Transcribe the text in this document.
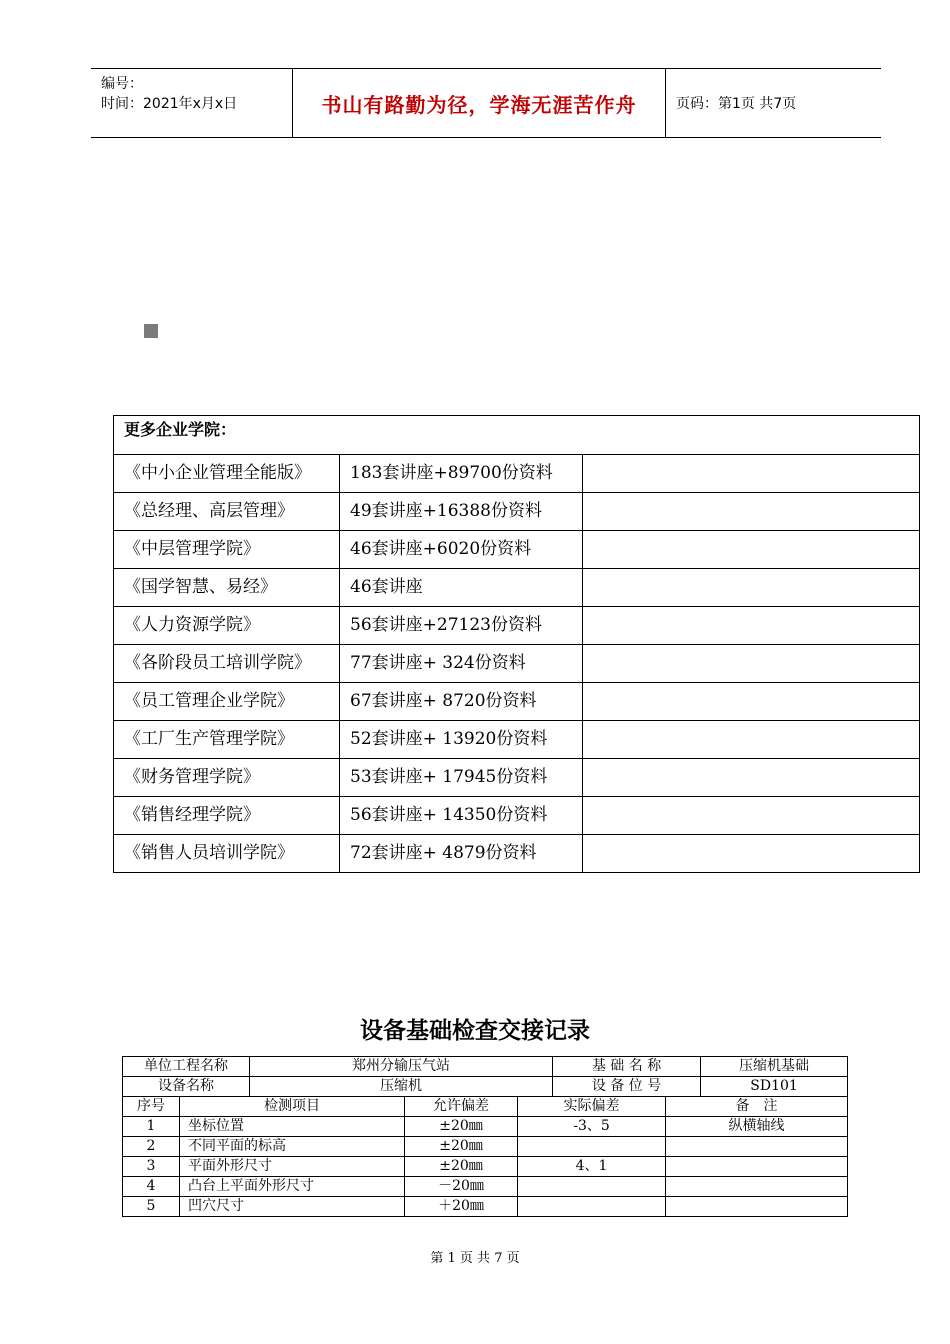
编号：
时间：2021年x月x日	书山有路勤为径，学海无涯苦作舟	页码：第1页 共7页
更多企业学院：		
《中小企业管理全能版》	183套讲座+89700份资料	
《总经理、高层管理》	49套讲座+16388份资料	
《中层管理学院》	46套讲座+6020份资料	
《国学智慧、易经》	46套讲座	
《人力资源学院》	56套讲座+27123份资料	
《各阶段员工培训学院》	77套讲座+ 324份资料	
《员工管理企业学院》	67套讲座+ 8720份资料	
《工厂生产管理学院》	52套讲座+ 13920份资料	
《财务管理学院》	53套讲座+ 17945份资料	
《销售经理学院》	56套讲座+ 14350份资料	
《销售人员培训学院》	72套讲座+ 4879份资料	
设备基础检查交接记录
单位工程名称		郑州分输压气站			基 础 名 称		压缩机基础
设备名称		压缩机			设 备 位 号		SD101
序号	检测项目		允许偏差	实际偏差		备　注	
1	坐标位置		±20㎜	-3、5		纵横轴线	
2	不同平面的标高		±20㎜				
3	平面外形尺寸		±20㎜	4、1			
4	凸台上平面外形尺寸		－20㎜				
5	凹穴尺寸		＋20㎜				
第 1 页 共 7 页
